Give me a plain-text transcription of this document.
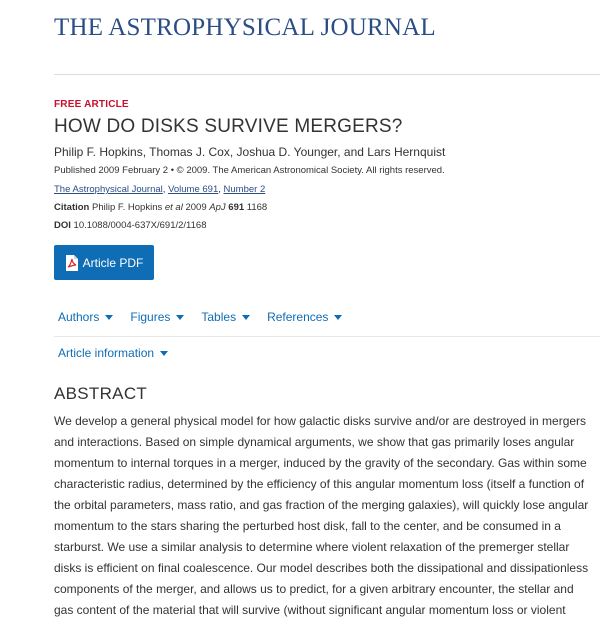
THE ASTROPHYSICAL JOURNAL
FREE ARTICLE
HOW DO DISKS SURVIVE MERGERS?
Philip F. Hopkins, Thomas J. Cox, Joshua D. Younger, and Lars Hernquist
Published 2009 February 2 • © 2009. The American Astronomical Society. All rights reserved.
The Astrophysical Journal, Volume 691, Number 2
Citation Philip F. Hopkins et al 2009 ApJ 691 1168
DOI 10.1088/0004-637X/691/2/1168
Article PDF
Authors	Figures	Tables	References
Article information
ABSTRACT

We develop a general physical model for how galactic disks survive and/or are destroyed in mergers and interactions. Based on simple dynamical arguments, we show that gas primarily loses angular momentum to internal torques in a merger, induced by the gravity of the secondary. Gas within some characteristic radius, determined by the efficiency of this angular momentum loss (itself a function of the orbital parameters, mass ratio, and gas fraction of the merging galaxies), will quickly lose angular momentum to the stars sharing the perturbed host disk, fall to the center, and be consumed in a starburst. We use a similar analysis to determine where violent relaxation of the premerger stellar disks is efficient on final coalescence. Our model describes both the dissipational and dissipationless components of the merger, and allows us to predict, for a given arbitrary encounter, the stellar and gas content of the material that will survive (without significant angular momentum loss or violent
